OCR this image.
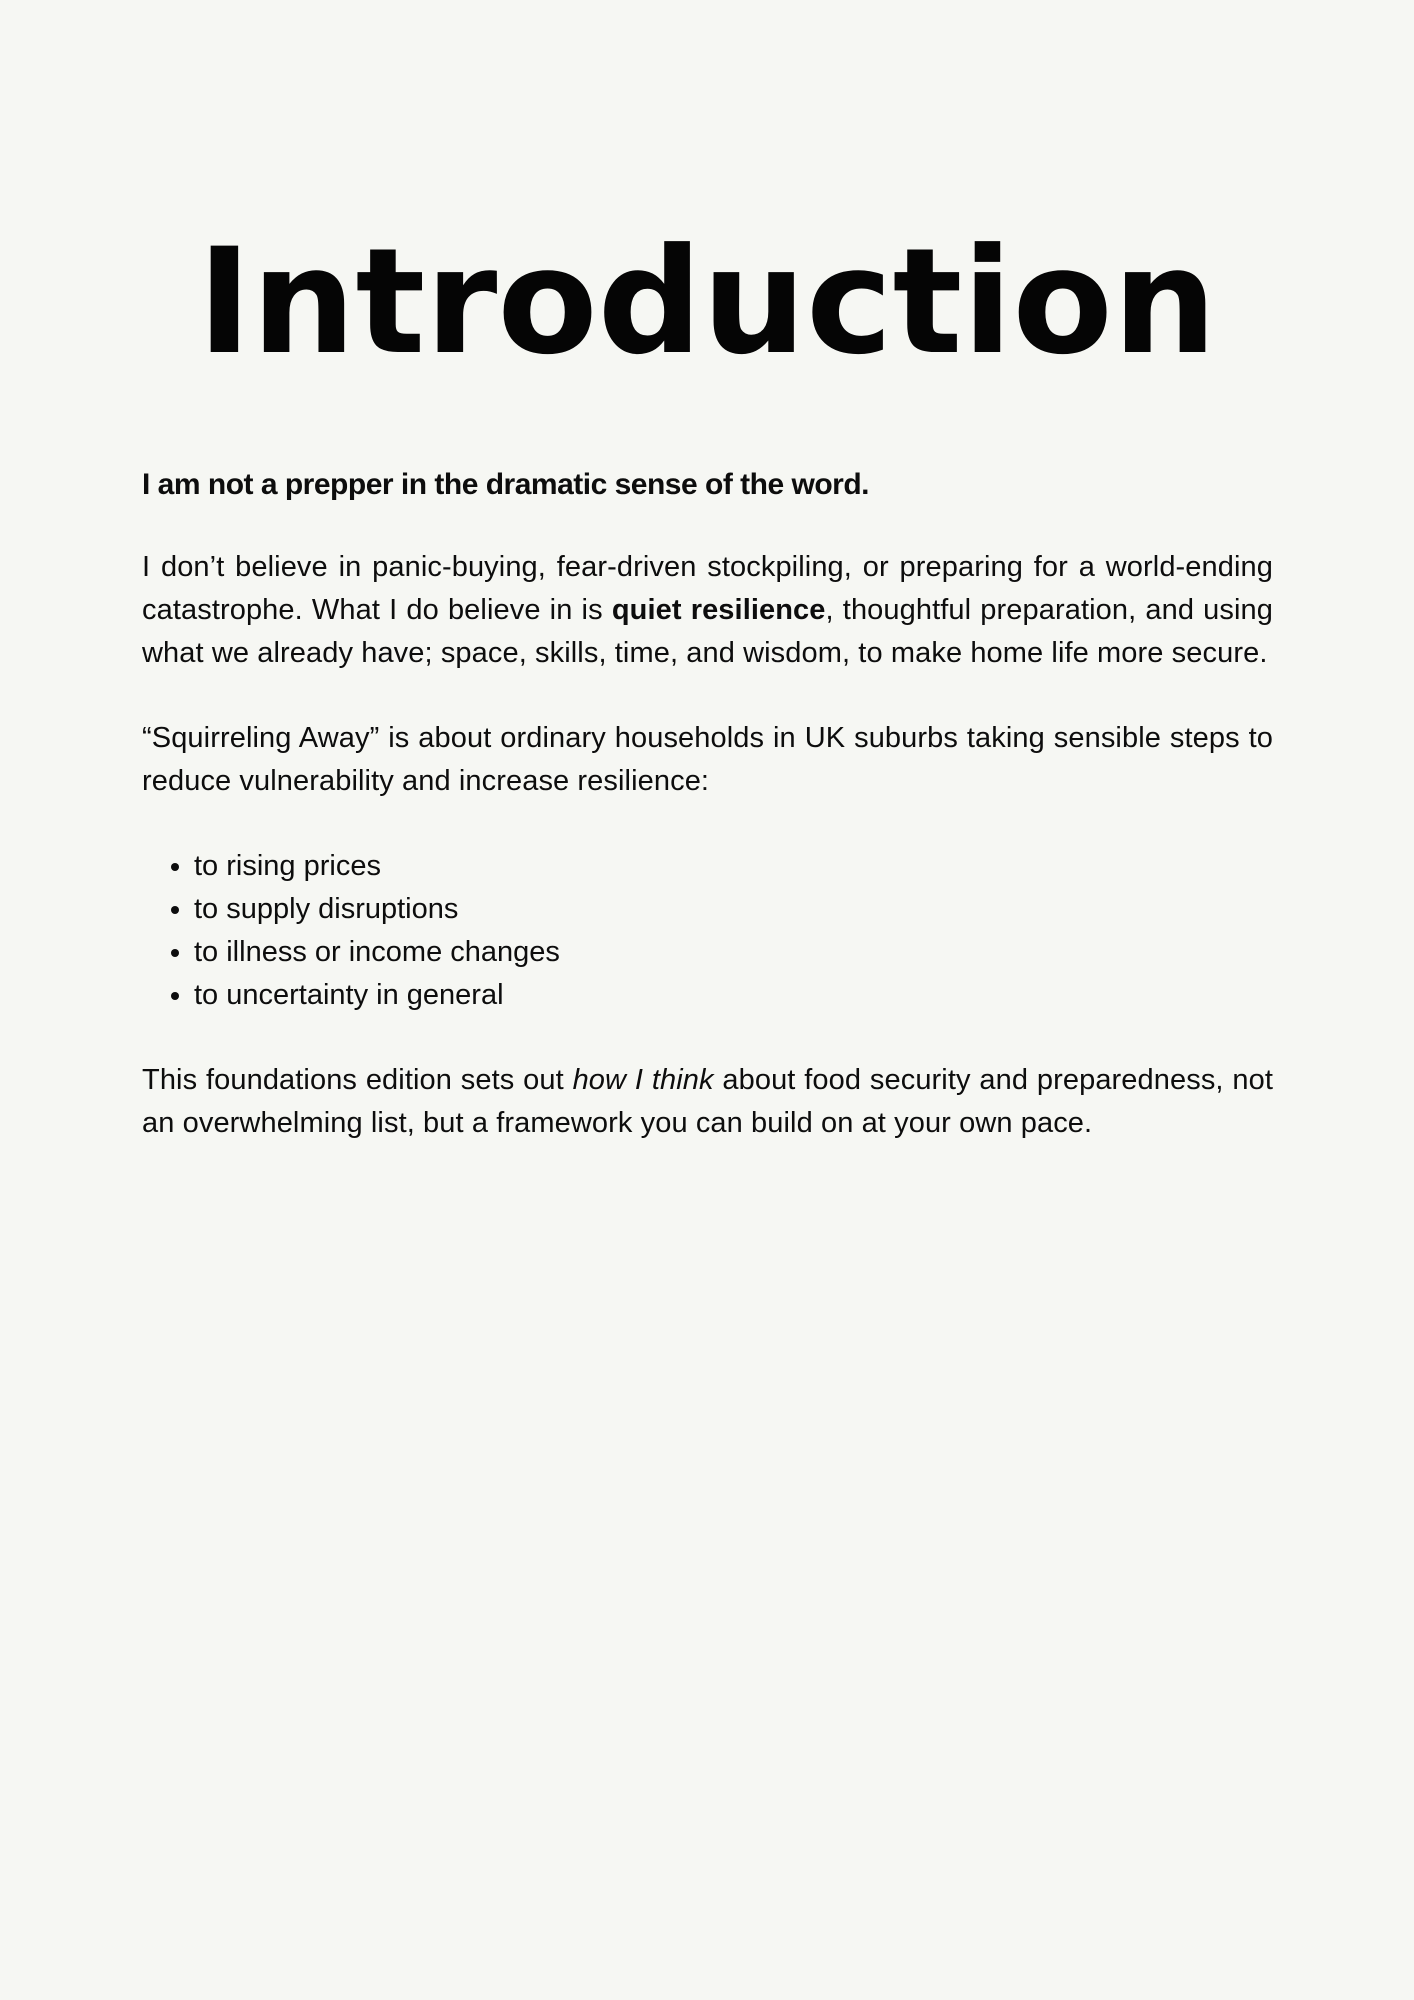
Introduction

I am not a prepper in the dramatic sense of the word.

I don’t believe in panic-buying, fear-driven stockpiling, or preparing for a world-ending catastrophe. What I do believe in is quiet resilience, thoughtful preparation, and using what we already have; space, skills, time, and wisdom, to make home life more secure.

“Squirreling Away” is about ordinary households in UK suburbs taking sensible steps to reduce vulnerability and increase resilience:

• to rising prices
• to supply disruptions
• to illness or income changes
• to uncertainty in general

This foundations edition sets out how I think about food security and preparedness, not an overwhelming list, but a framework you can build on at your own pace.
